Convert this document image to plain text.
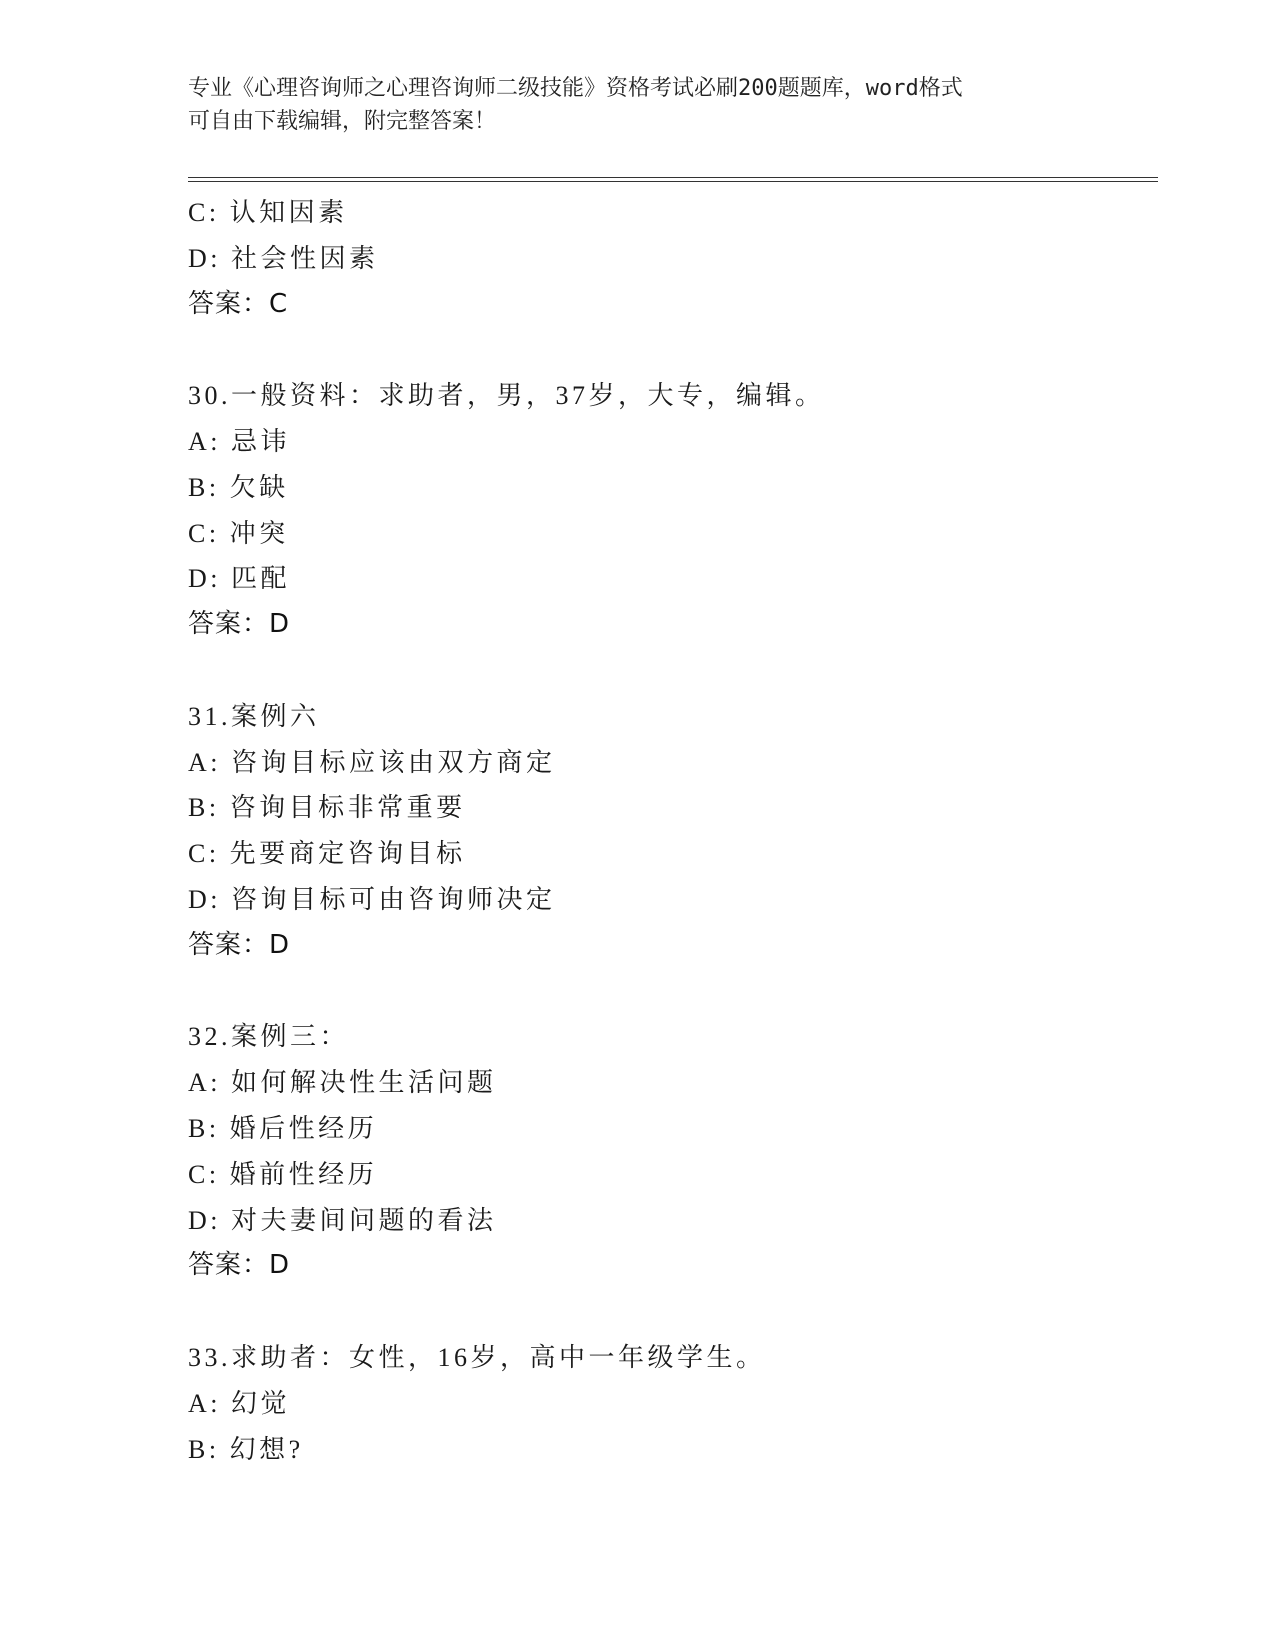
专业《心理咨询师之心理咨询师二级技能》资格考试必刷200题题库，word格式
可自由下载编辑，附完整答案！
C: 认知因素
D: 社会性因素
答案：C
30.一般资料：求助者，男，37岁，大专，编辑。
A: 忌讳
B: 欠缺
C: 冲突
D: 匹配
答案：D
31.案例六
A: 咨询目标应该由双方商定
B: 咨询目标非常重要
C: 先要商定咨询目标
D: 咨询目标可由咨询师决定
答案：D
32.案例三：
A: 如何解决性生活问题
B: 婚后性经历
C: 婚前性经历
D: 对夫妻间问题的看法
答案：D
33.求助者：女性，16岁，高中一年级学生。
A: 幻觉
B: 幻想?
